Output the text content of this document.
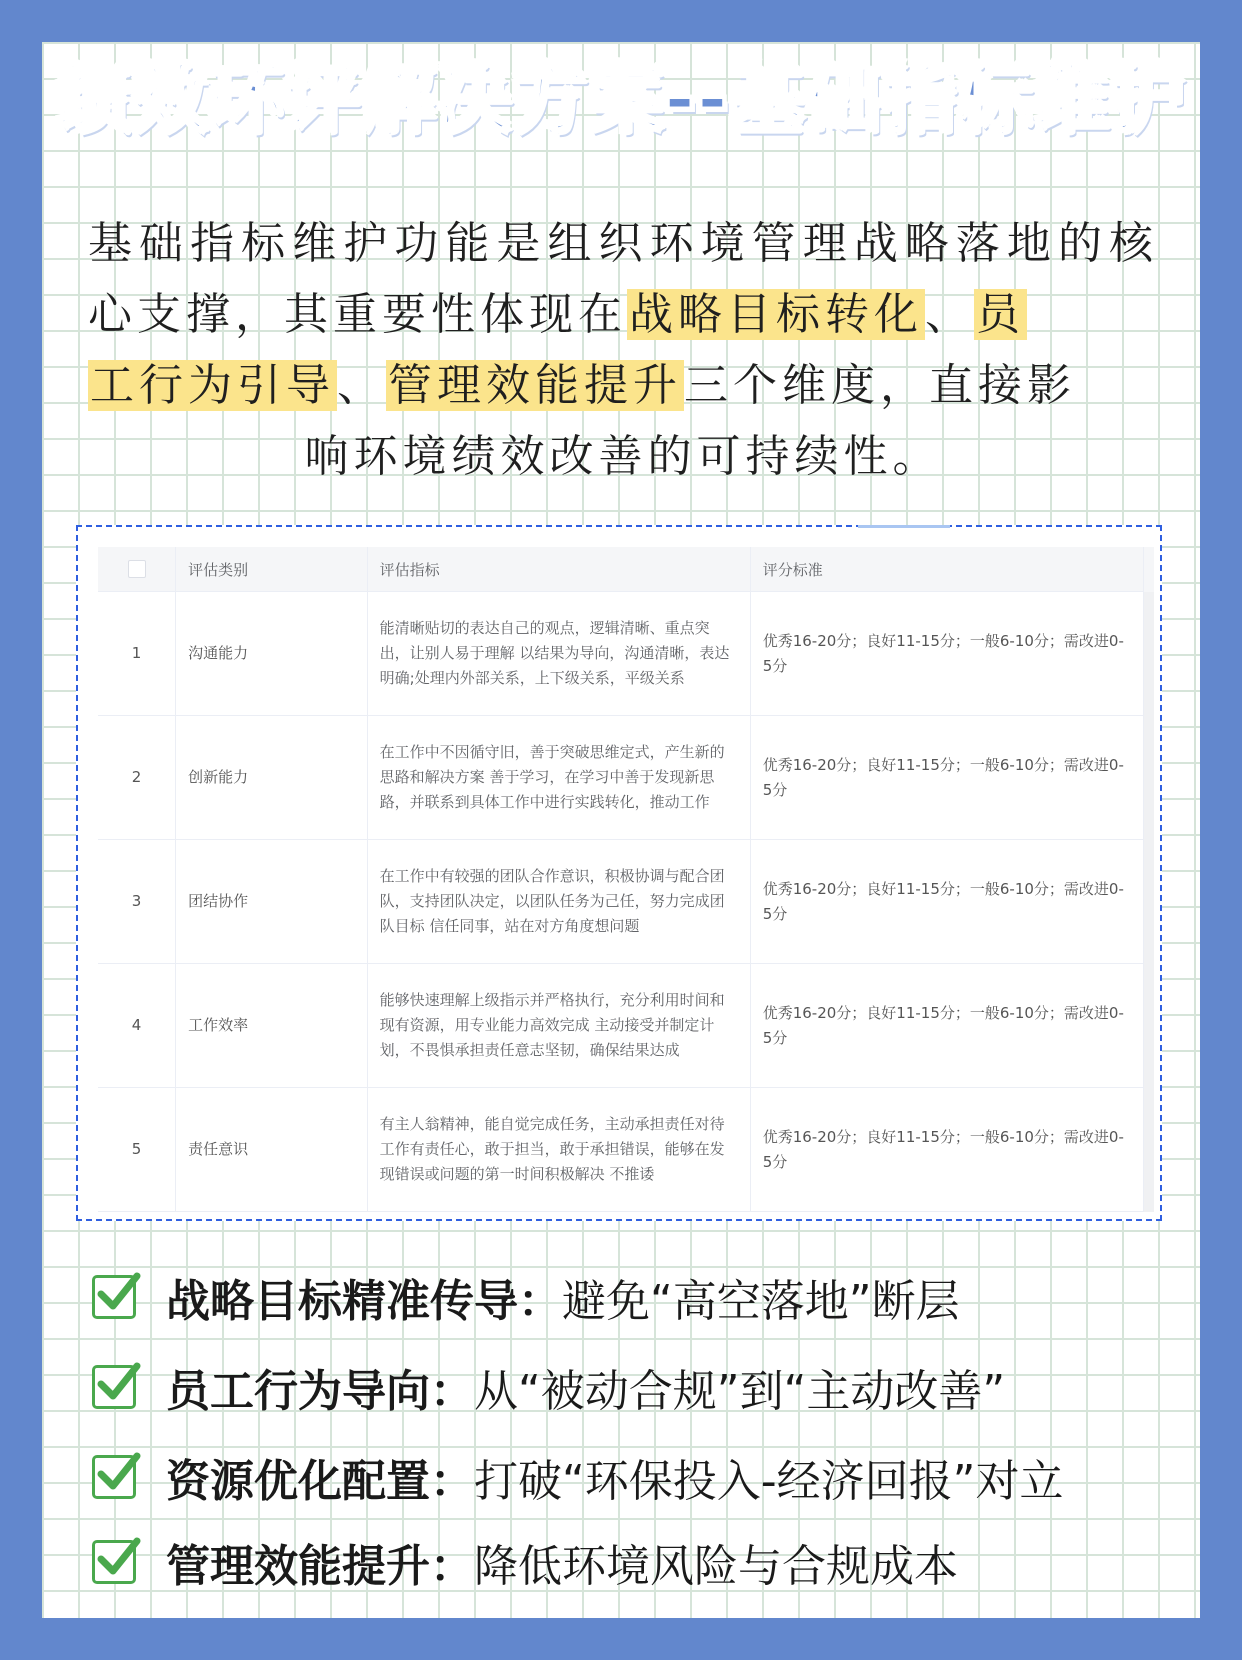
绩效环评解决方案--基础指标维护
基础指标维护功能是组织环境管理战略落地的核心支撑，其重要性体现在战略目标转化、员
工行为引导、管理效能提升三个维度，直接影
响环境绩效改善的可持续性。
	评估类别	评估指标	评分标准	
1	沟通能力	能清晰贴切的表达自己的观点，逻辑清晰、重点突出，让别人易于理解 以结果为导向，沟通清晰，表达明确;处理内外部关系，上下级关系，平级关系	优秀16-20分；良好11-15分；一般6-10分；需改进0-5分	
2	创新能力	在工作中不因循守旧，善于突破思维定式，产生新的思路和解决方案 善于学习，在学习中善于发现新思路，并联系到具体工作中进行实践转化，推动工作	优秀16-20分；良好11-15分；一般6-10分；需改进0-5分	
3	团结协作	在工作中有较强的团队合作意识，积极协调与配合团队，支持团队决定，以团队任务为己任，努力完成团队目标 信任同事，站在对方角度想问题	优秀16-20分；良好11-15分；一般6-10分；需改进0-5分	
4	工作效率	能够快速理解上级指示并严格执行，充分利用时间和现有资源，用专业能力高效完成 主动接受并制定计划，不畏惧承担责任意志坚韧，确保结果达成	优秀16-20分；良好11-15分；一般6-10分；需改进0-5分	
5	责任意识	有主人翁精神，能自觉完成任务，主动承担责任对待工作有责任心，敢于担当，敢于承担错误，能够在发现错误或问题的第一时间积极解决 不推诿	优秀16-20分；良好11-15分；一般6-10分；需改进0-5分	
战略目标精准传导： 避免“高空落地”断层
员工行为导向： 从“被动合规”到“主动改善”
资源优化配置： 打破“环保投入-经济回报”对立
管理效能提升： 降低环境风险与合规成本
